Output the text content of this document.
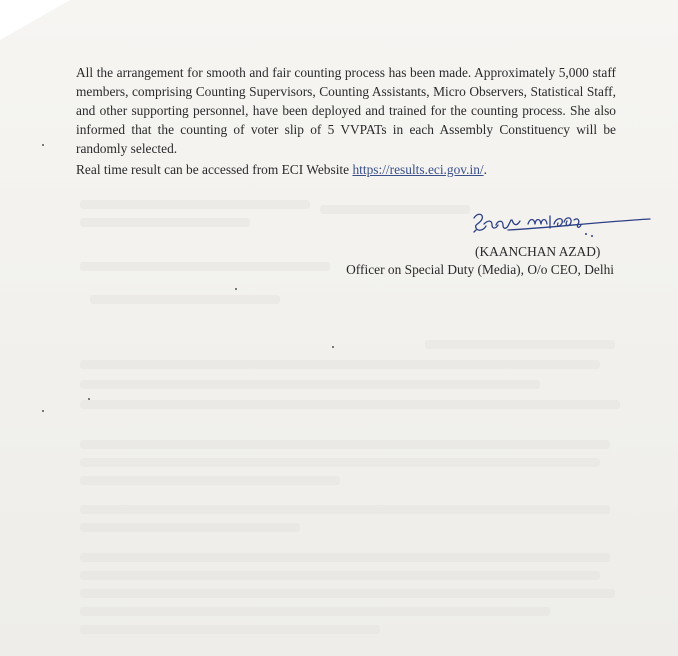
All the arrangement for smooth and fair counting process has been made. Approximately 5,000 staff members, comprising Counting Supervisors, Counting Assistants, Micro Observers, Statistical Staff, and other supporting personnel, have been deployed and trained for the counting process. She also informed that the counting of voter slip of 5 VVPATs in each Assembly Constituency will be randomly selected.

Real time result can be accessed from ECI Website https://results.eci.gov.in/.

(KAANCHAN AZAD)

Officer on Special Duty (Media), O/o CEO, Delhi
